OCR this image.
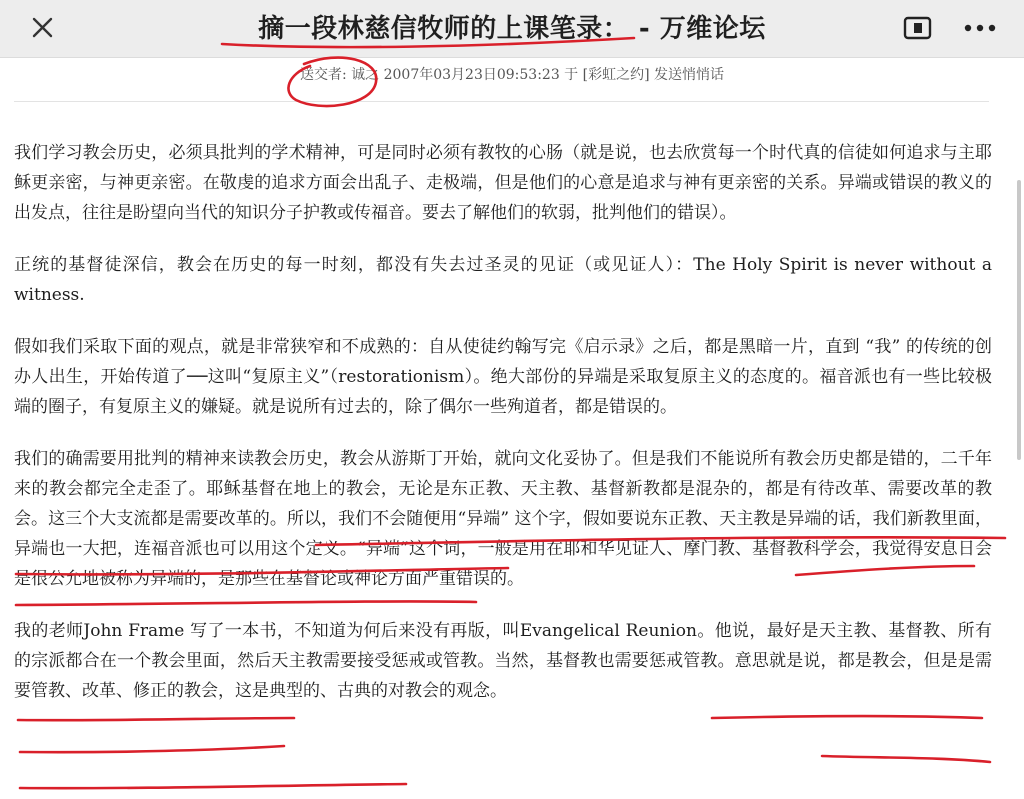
摘一段林慈信牧师的上课笔录： - 万维论坛
送交者: 诚之 2007年03月23日09:53:23 于 [彩虹之约] 发送悄悄话

我们学习教会历史，必须具批判的学术精神，可是同时必须有教牧的心肠（就是说，也去欣赏每一个时代真的信徒如何追求与主耶稣更亲密，与神更亲密。在敬虔的追求方面会出乱子、走极端，但是他们的心意是追求与神有更亲密的关系。异端或错误的教义的出发点，往往是盼望向当代的知识分子护教或传福音。要去了解他们的软弱，批判他们的错误）。

正统的基督徒深信，教会在历史的每一时刻，都没有失去过圣灵的见证（或见证人）：The Holy Spirit is never without a witness.

假如我们采取下面的观点，就是非常狭窄和不成熟的：自从使徒约翰写完《启示录》之后，都是黑暗一片，直到 “我” 的传统的创办人出生，开始传道了──这叫“复原主义”（restorationism）。绝大部份的异端是采取复原主义的态度的。福音派也有一些比较极端的圈子，有复原主义的嫌疑。就是说所有过去的，除了偶尔一些殉道者，都是错误的。

我们的确需要用批判的精神来读教会历史，教会从游斯丁开始，就向文化妥协了。但是我们不能说所有教会历史都是错的，二千年来的教会都完全走歪了。耶稣基督在地上的教会，无论是东正教、天主教、基督新教都是混杂的，都是有待改革、需要改革的教会。这三个大支流都是需要改革的。所以，我们不会随便用“异端” 这个字，假如要说东正教、天主教是异端的话，我们新教里面，异端也一大把，连福音派也可以用这个定义。“异端”这个词，一般是用在耶和华见证人、摩门教、基督教科学会，我觉得安息日会是很公允地被称为异端的，是那些在基督论或神论方面严重错误的。

我的老师John Frame 写了一本书，不知道为何后来没有再版，叫Evangelical Reunion。他说，最好是天主教、基督教、所有的宗派都合在一个教会里面，然后天主教需要接受惩戒或管教。当然，基督教也需要惩戒管教。意思就是说，都是教会，但是是需要管教、改革、修正的教会，这是典型的、古典的对教会的观念。
